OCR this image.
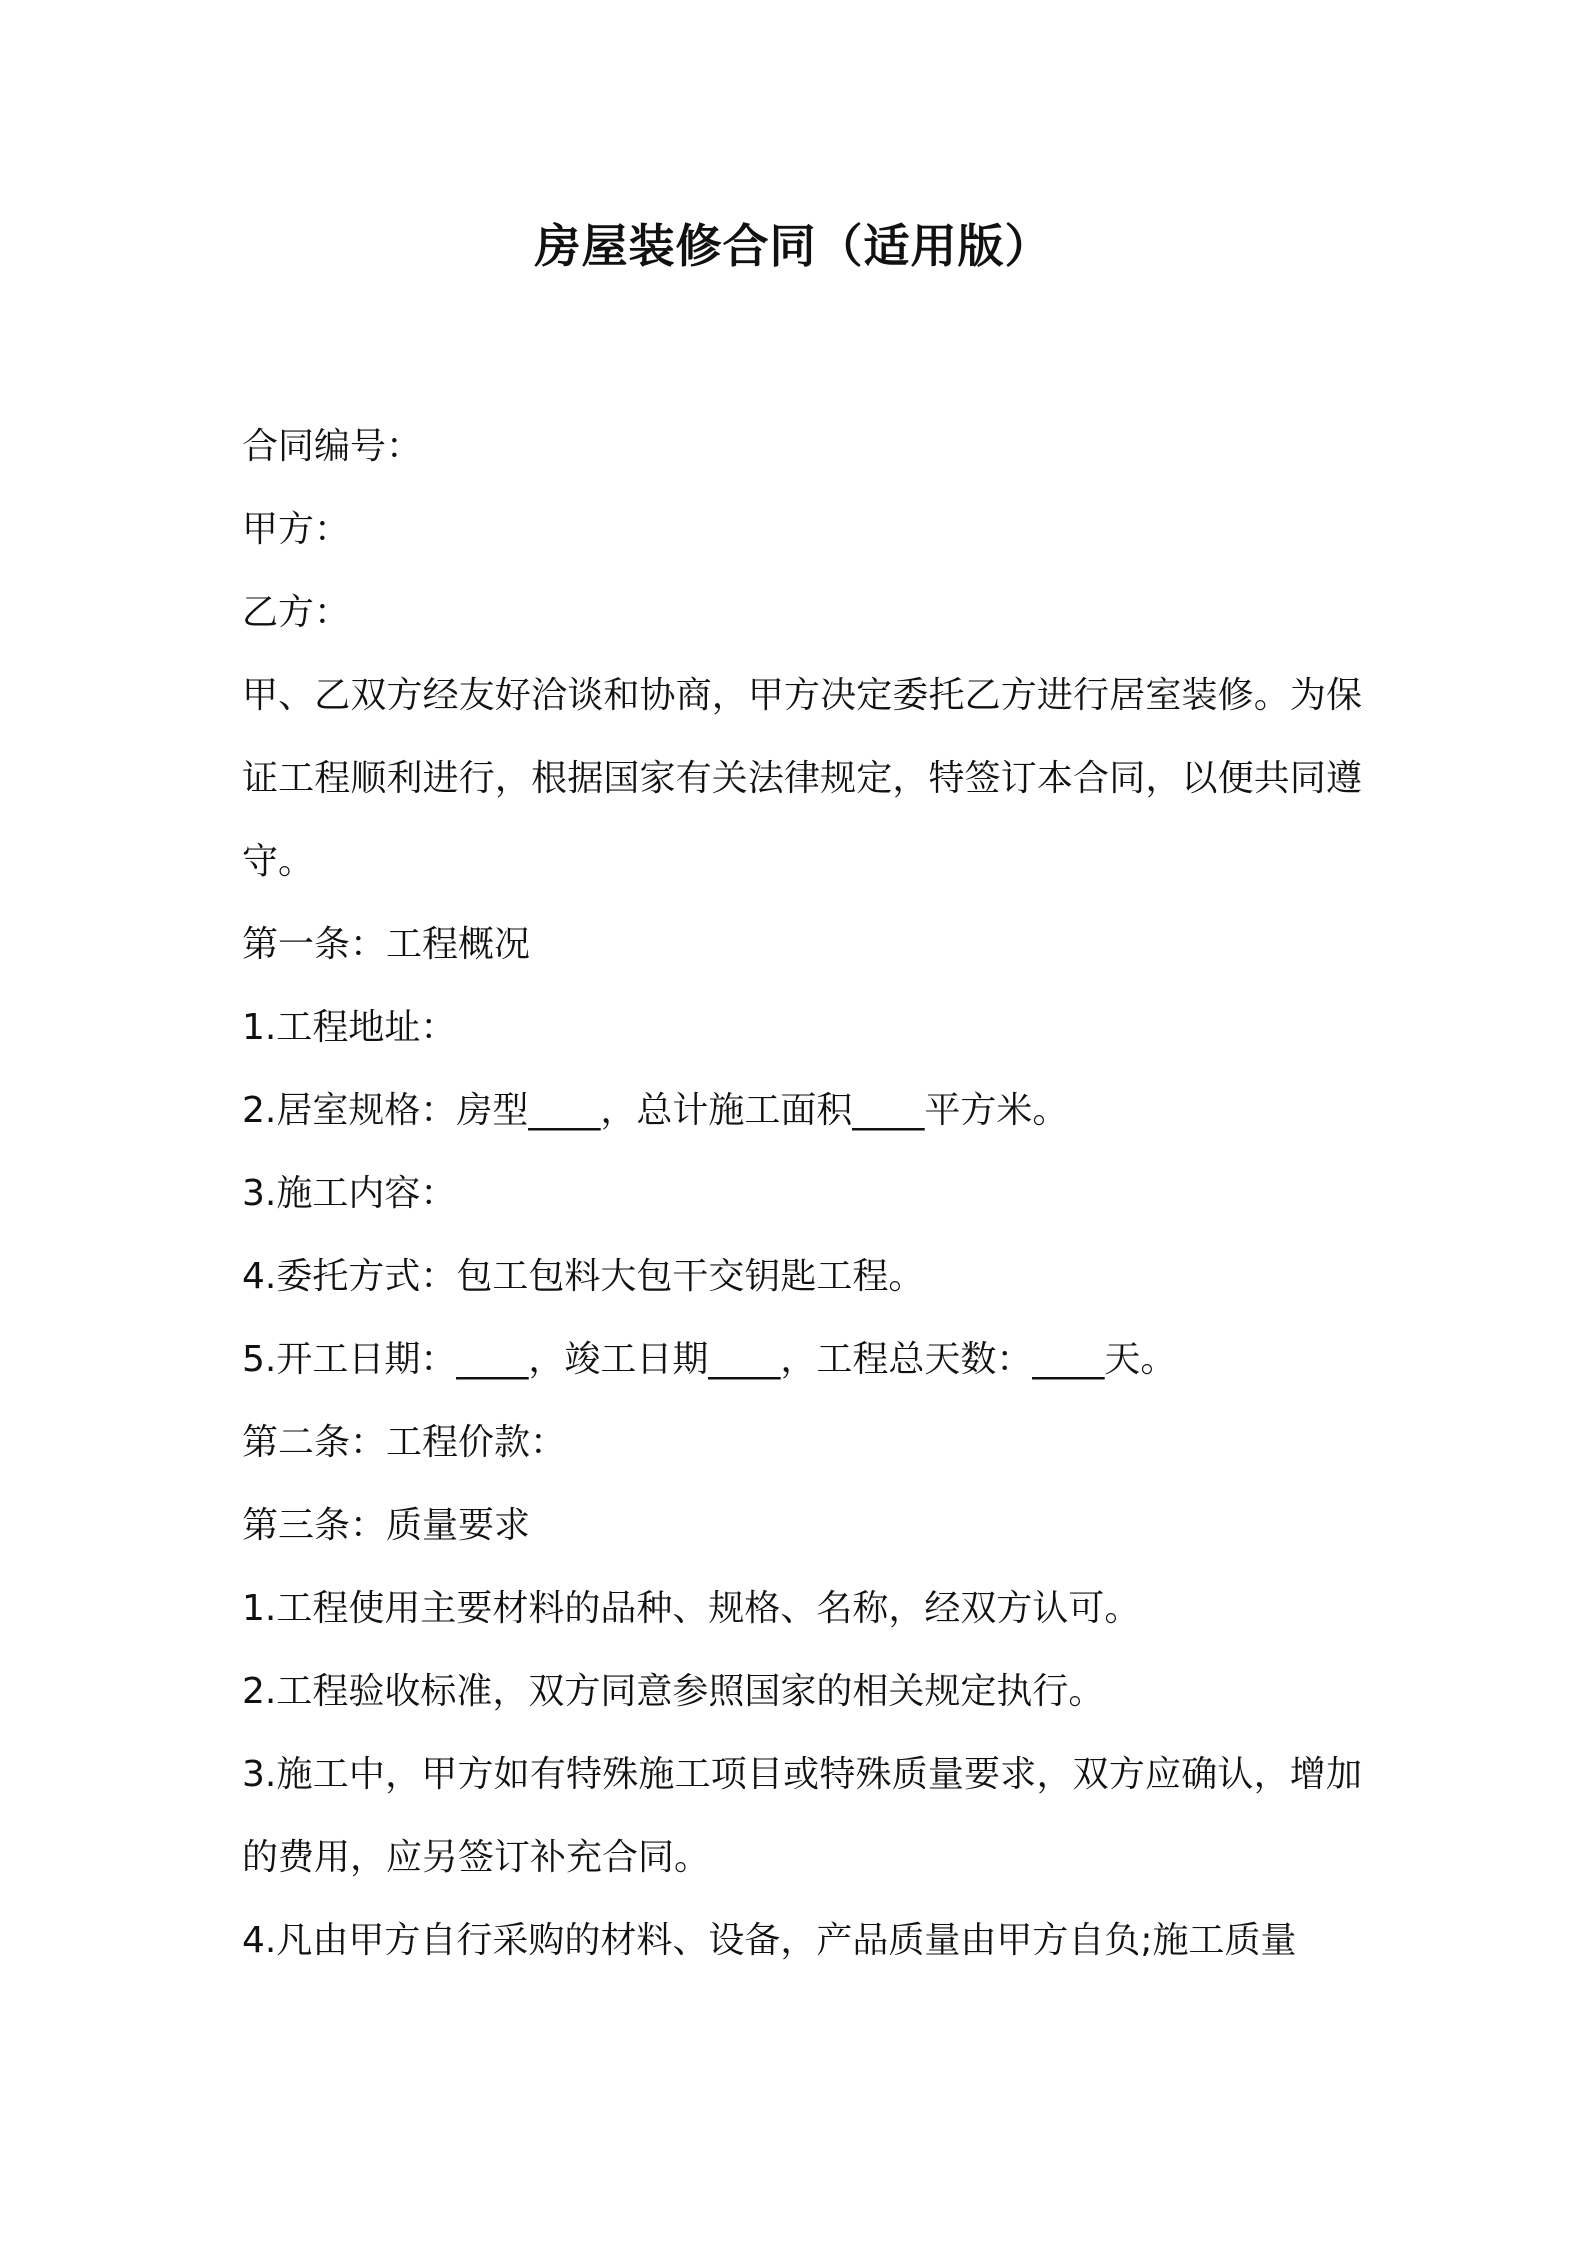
房屋装修合同（适用版）
合同编号：
甲方：
乙方：
甲、乙双方经友好洽谈和协商，甲方决定委托乙方进行居室装修。为保证工程顺利进行，根据国家有关法律规定，特签订本合同，以便共同遵守。
第一条：工程概况
1.工程地址：
2.居室规格：房型____，总计施工面积____平方米。
3.施工内容：
4.委托方式：包工包料大包干交钥匙工程。
5.开工日期：____，竣工日期____，工程总天数：____天。
第二条：工程价款：
第三条：质量要求
1.工程使用主要材料的品种、规格、名称，经双方认可。
2.工程验收标准，双方同意参照国家的相关规定执行。
3.施工中，甲方如有特殊施工项目或特殊质量要求，双方应确认，增加的费用，应另签订补充合同。
4.凡由甲方自行采购的材料、设备，产品质量由甲方自负;施工质量
